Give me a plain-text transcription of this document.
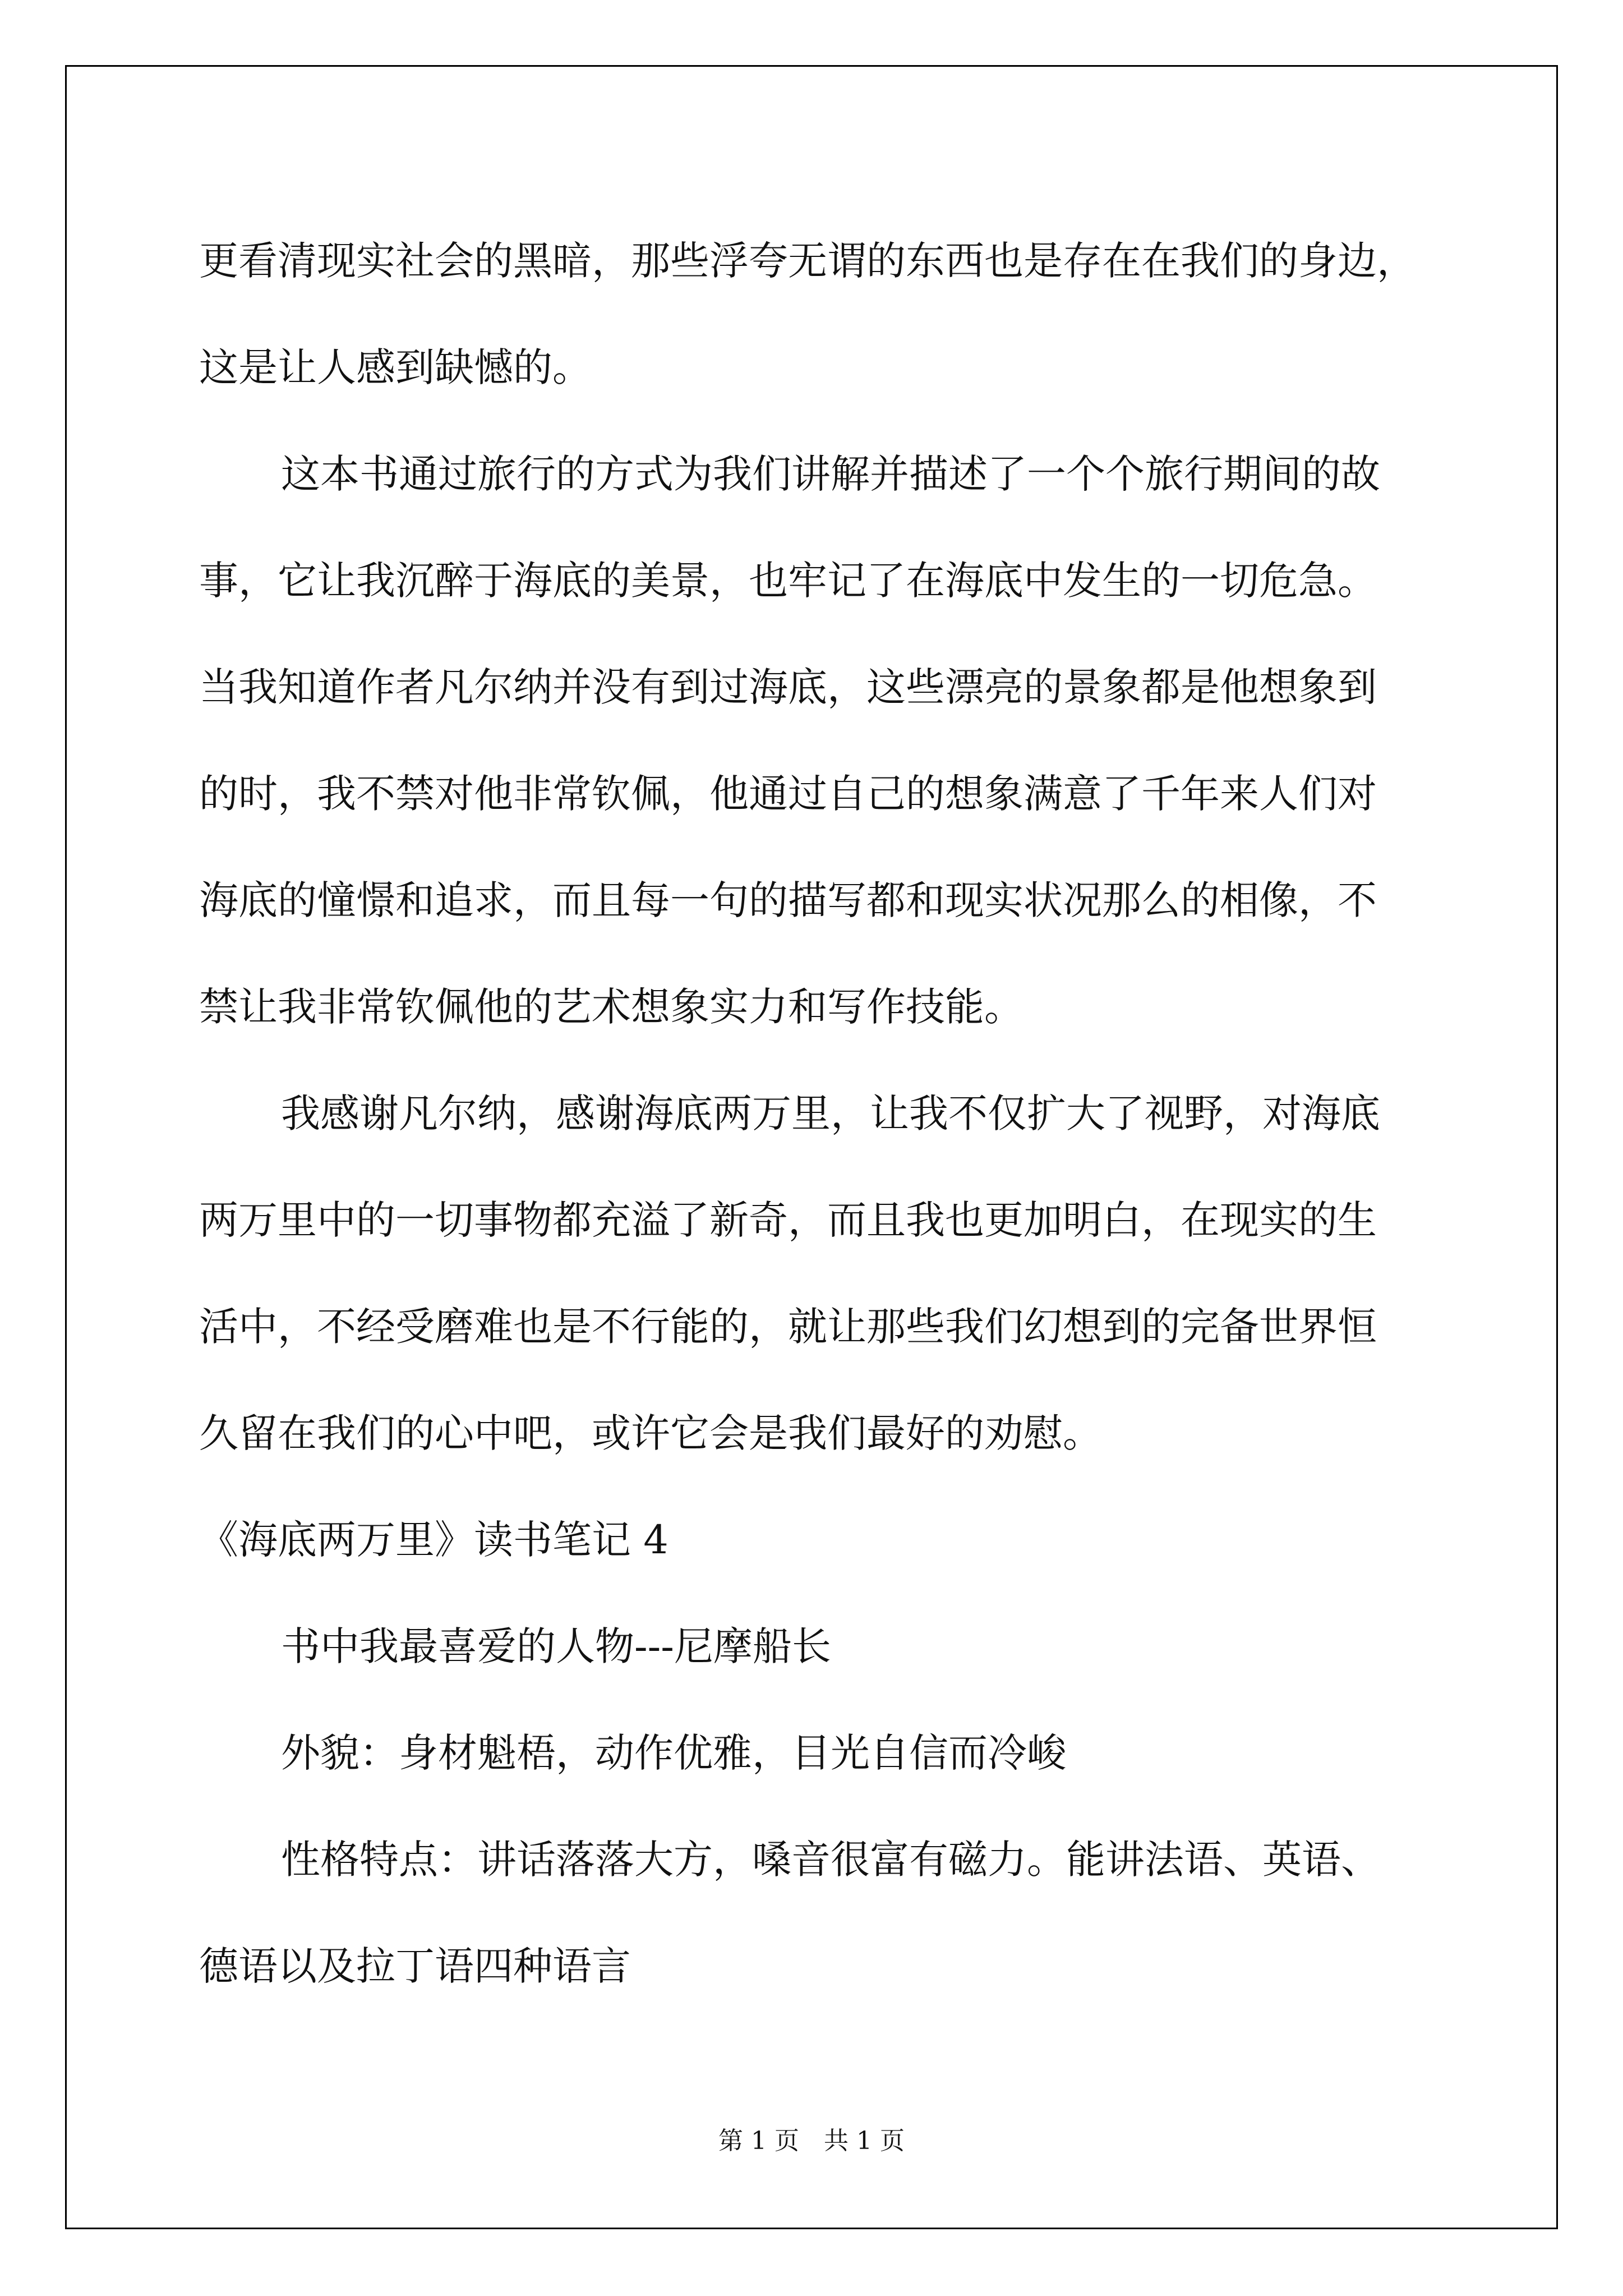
更看清现实社会的黑暗，那些浮夸无谓的东西也是存在在我们的身边，
这是让人感到缺憾的。
这本书通过旅行的方式为我们讲解并描述了一个个旅行期间的故
事，它让我沉醉于海底的美景，也牢记了在海底中发生的一切危急。
当我知道作者凡尔纳并没有到过海底，这些漂亮的景象都是他想象到
的时，我不禁对他非常钦佩，他通过自己的想象满意了千年来人们对
海底的憧憬和追求，而且每一句的描写都和现实状况那么的相像，不
禁让我非常钦佩他的艺术想象实力和写作技能。
我感谢凡尔纳，感谢海底两万里，让我不仅扩大了视野，对海底
两万里中的一切事物都充溢了新奇，而且我也更加明白，在现实的生
活中，不经受磨难也是不行能的，就让那些我们幻想到的完备世界恒
久留在我们的心中吧，或许它会是我们最好的劝慰。
《海底两万里》读书笔记 4
书中我最喜爱的人物---尼摩船长
外貌：身材魁梧，动作优雅，目光自信而冷峻
性格特点：讲话落落大方，嗓音很富有磁力。能讲法语、英语、
德语以及拉丁语四种语言
第 1 页　共 1 页
